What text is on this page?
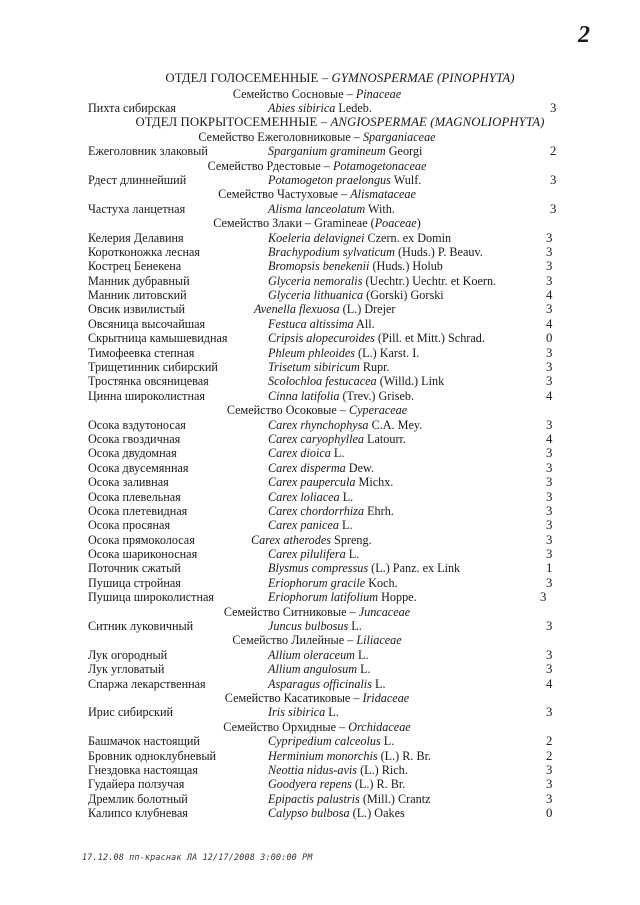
2
ОТДЕЛ ГОЛОСЕМЕННЫЕ – GYMNOSPERMAE (PINOPHYTA)
Семейство Сосновые – Pinaceae
Пихта сибирская	Abies sibirica Ledeb.	3
ОТДЕЛ ПОКРЫТОСЕМЕННЫЕ – ANGIOSPERMAE (MAGNOLIOPHYTA)
Семейство Ежеголовниковые – Sparganiaceae
Ежеголовник злаковый	Sparganium gramineum Georgi	2
Семейство Рдестовые – Potamogetonaceae
Рдест длиннейший	Potamogeton praelongus Wulf.	3
Семейство Частуховые – Alismataceae
Частуха ланцетная	Alisma lanceolatum With.	3
Семейство Злаки – Gramineae (Poaceae)
Келерия Делавиня	Koeleria delavignei Czern. ex Domin	3
Коротконожка лесная	Brachypodium sylvaticum (Huds.) P. Beauv.	3
Кострец Бенекена	Bromopsis benekenii (Huds.) Holub	3
Манник дубравный	Glyceria nemoralis (Uechtr.) Uechtr. et Koern.	3
Манник литовский	Glyceria lithuanica (Gorski) Gorski	4
Овсик извилистый	Avenella flexuosa (L.) Drejer	3
Овсяница высочайшая	Festuca altissima All.	4
Скрытница камышевидная	Cripsis alopecuroides (Pill. et Mitt.) Schrad.	0
Тимофеевка степная	Phleum phleoides (L.) Karst. I.	3
Трищетинник сибирский	Trisetum sibiricum Rupr.	3
Тростянка овсяницевая	Scolochloa festucacea (Willd.) Link	3
Цинна широколистная	Cinna latifolia (Trev.) Griseb.	4
Семейство Осоковые – Cyperaceae
Осока вздутоносая	Carex rhynchophysa C.A. Mey.	3
Осока гвоздичная	Carex caryophyllea Latourr.	4
Осока двудомная	Carex dioica L.	3
Осока двусемянная	Carex disperma Dew.	3
Осока заливная	Carex paupercula Michx.	3
Осока плевельная	Carex loliacea L.	3
Осока плетевидная	Carex chordorrhiza Ehrh.	3
Осока просяная	Carex panicea L.	3
Осока прямоколосая	Carex atherodes Spreng.	3
Осока шариконосная	Carex pilulifera L.	3
Поточник сжатый	Blysmus compressus (L.) Panz. ex Link	1
Пушица стройная	Eriophorum gracile Koch.	3
Пушица широколистная	Eriophorum latifolium Hoppe.	3
Семейство Ситниковые – Juncaceae
Ситник луковичный	Juncus bulbosus L.	3
Семейство Лилейные – Liliaceae
Лук огородный	Allium oleraceum L.	3
Лук угловатый	Allium angulosum L.	3
Спаржа лекарственная	Asparagus officinalis L.	4
Семейство Касатиковые – Iridaceae
Ирис сибирский	Iris sibirica L.	3
Семейство Орхидные – Orchidaceae
Башмачок настоящий	Cypripedium calceolus L.	2
Бровник одноклубневый	Herminium monorchis (L.) R. Br.	2
Гнездовка настоящая	Neottia nidus-avis (L.) Rich.	3
Гудайера ползучая	Goodyera repens (L.) R. Br.	3
Дремлик болотный	Epipactis palustris (Mill.) Crantz	3
Калипсо клубневая	Calypso bulbosa (L.) Oakes	0
17.12.08 пп-краснак ЛА 12/17/2008 3:00:00 PM
